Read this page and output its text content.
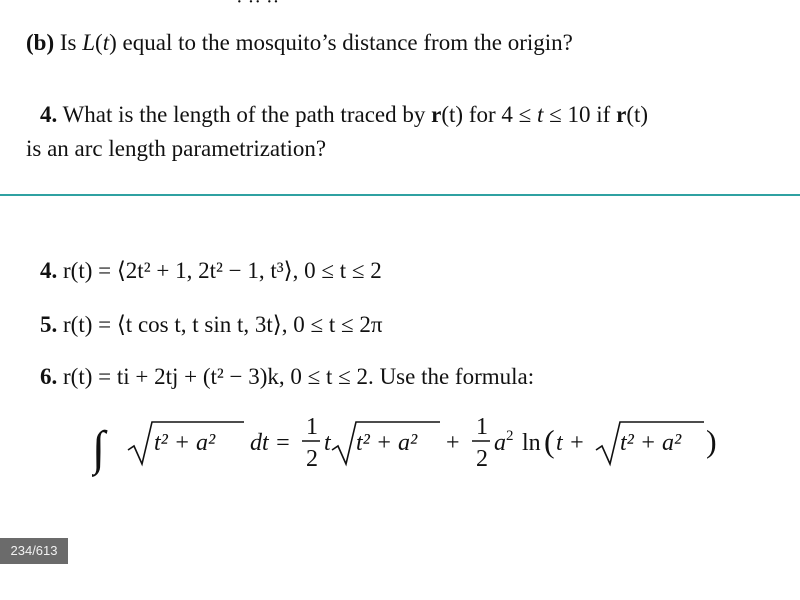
· ·· ··
(b) Is L(t) equal to the mosquito’s distance from the origin?
4. What is the length of the path traced by r(t) for 4 ≤ t ≤ 10 if r(t)
is an arc length parametrization?
4. r(t) = ⟨2t² + 1, 2t² − 1, t³⟩, 0 ≤ t ≤ 2
5. r(t) = ⟨t cos t, t sin t, 3t⟩, 0 ≤ t ≤ 2π
6. r(t) = ti + 2tj + (t² − 3)k, 0 ≤ t ≤ 2. Use the formula:
∫ t² + a² dt =
1
2
t t² + a² +
1
2
a 2 ln ( t + t² + a² )
234/613
